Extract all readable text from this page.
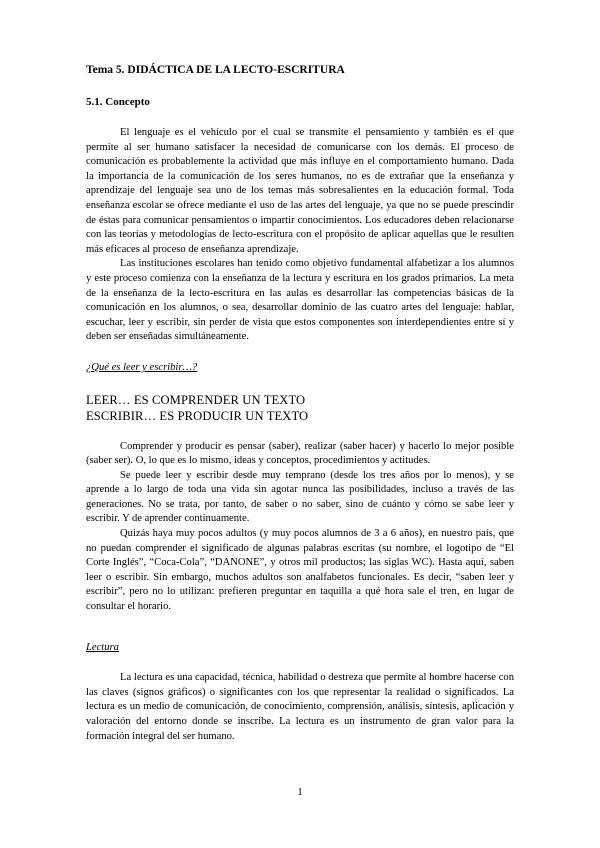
Tema 5. DIDÁCTICA DE LA LECTO-ESCRITURA
5.1. Concepto

El lenguaje es el vehículo por el cual se transmite el pensamiento y también es el que permite al ser humano satisfacer la necesidad de comunicarse con los demás. El proceso de comunicación es probablemente la actividad que más influye en el comportamiento humano. Dada la importancia de la comunicación de los seres humanos, no es de extrañar que la enseñanza y aprendizaje del lenguaje sea uno de los temas más sobresalientes en la educación formal. Toda enseñanza escolar se ofrece mediante el uso de las artes del lenguaje, ya que no se puede prescindir de éstas para comunicar pensamientos o impartir conocimientos. Los educadores deben relacionarse con las teorías y metodologías de lecto-escritura con el propósito de aplicar aquellas que le resulten más eficaces al proceso de enseñanza aprendizaje.

Las instituciones escolares han tenido como objetivo fundamental alfabetizar a los alumnos y este proceso comienza con la enseñanza de la lectura y escritura en los grados primarios. La meta de la enseñanza de la lecto-escritura en las aulas es desarrollar las competencias básicas de la comunicación en los alumnos, o sea, desarrollar dominio de las cuatro artes del lenguaje: hablar, escuchar, leer y escribir, sin perder de vista que estos componentes son interdependientes entre sí y deben ser enseñadas simultáneamente.

¿Qué es leer y escribir…?
LEER… ES COMPRENDER UN TEXTO
ESCRIBIR… ES PRODUCIR UN TEXTO

Comprender y producir es pensar (saber), realizar (saber hacer) y hacerlo lo mejor posible (saber ser). O, lo que es lo mismo, ideas y conceptos, procedimientos y actitudes.

Se puede leer y escribir desde muy temprano (desde los tres años por lo menos), y se aprende a lo largo de toda una vida sin agotar nunca las posibilidades, incluso a través de las generaciones. No se trata, por tanto, de saber o no saber, sino de cuánto y cómo se sabe leer y escribir. Y de aprender continuamente.

Quizás haya muy pocos adultos (y muy pocos alumnos de 3 a 6 años), en nuestro país, que no puedan comprender el significado de algunas palabras escritas (su nombre, el logotipo de “El Corte Inglés”, “Coca-Cola”, “DANONE”, y otros mil productos; las siglas WC). Hasta aquí, saben leer o escribir. Sin embargo, muchos adultos son analfabetos funcionales. Es decir, “saben leer y escribir”, pero no lo utilizan: prefieren preguntar en taquilla a qué hora sale el tren, en lugar de consultar el horario.

Lectura

La lectura es una capacidad, técnica, habilidad o destreza que permite al hombre hacerse con las claves (signos gráficos) o significantes con los que representar la realidad o significados. La lectura es un medio de comunicación, de conocimiento, comprensión, análisis, síntesis, aplicación y valoración del entorno donde se inscribe. La lectura es un instrumento de gran valor para la formación integral del ser humano.

1
